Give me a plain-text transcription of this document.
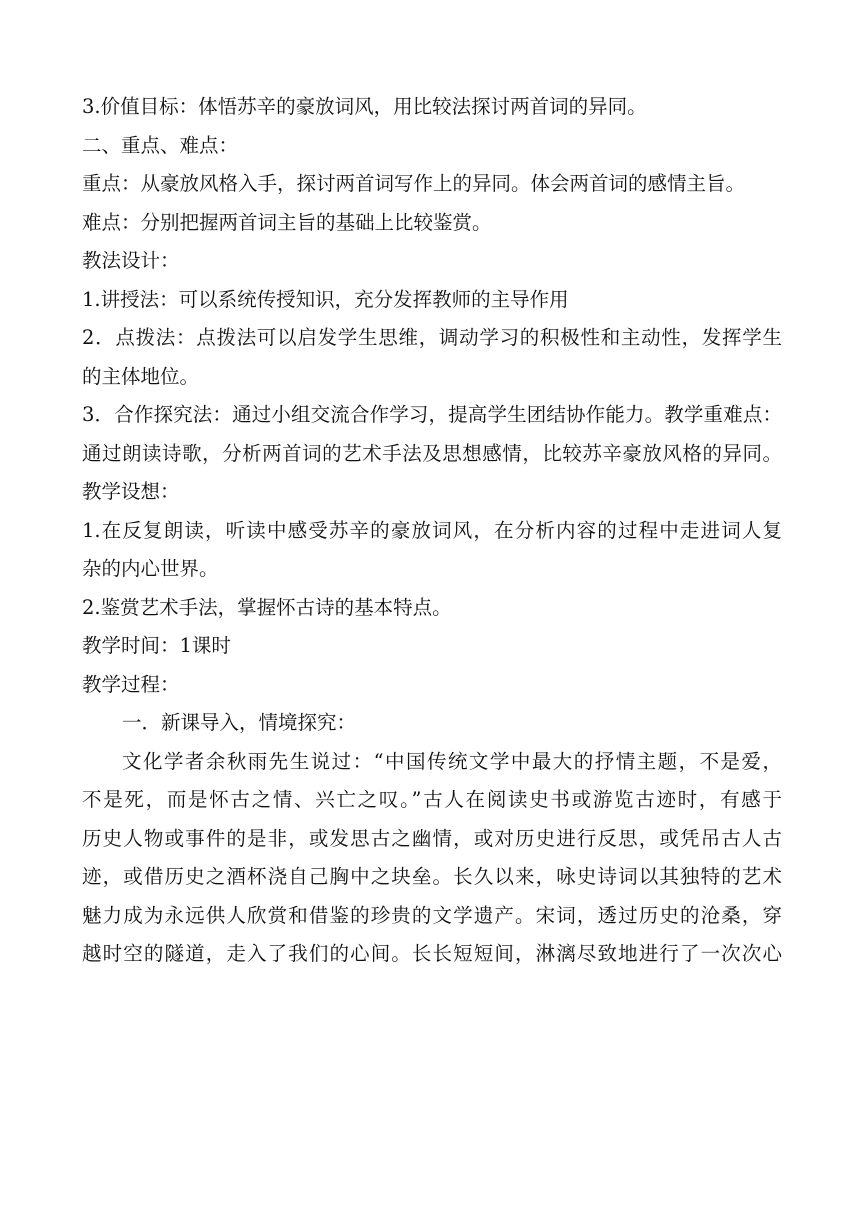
3.价值目标：体悟苏辛的豪放词风，用比较法探讨两首词的异同。
二、重点、难点：
重点：从豪放风格入手，探讨两首词写作上的异同。体会两首词的感情主旨。
难点：分别把握两首词主旨的基础上比较鉴赏。
教法设计：
1.讲授法：可以系统传授知识，充分发挥教师的主导作用
2．点拨法：点拨法可以启发学生思维，调动学习的积极性和主动性，发挥学生
的主体地位。
3．合作探究法：通过小组交流合作学习，提高学生团结协作能力。教学重难点：
通过朗读诗歌，分析两首词的艺术手法及思想感情，比较苏辛豪放风格的异同。
教学设想：
1.在反复朗读，听读中感受苏辛的豪放词风，在分析内容的过程中走进词人复
杂的内心世界。
2.鉴赏艺术手法，掌握怀古诗的基本特点。
教学时间：1课时
教学过程：
一．新课导入，情境探究：
文化学者余秋雨先生说过：“中国传统文学中最大的抒情主题，不是爱，
不是死，而是怀古之情、兴亡之叹。”古人在阅读史书或游览古迹时，有感于
历史人物或事件的是非，或发思古之幽情，或对历史进行反思，或凭吊古人古
迹，或借历史之酒杯浇自己胸中之块垒。长久以来，咏史诗词以其独特的艺术
魅力成为永远供人欣赏和借鉴的珍贵的文学遗产。宋词，透过历史的沧桑，穿
越时空的隧道，走入了我们的心间。长长短短间，淋漓尽致地进行了一次次心
